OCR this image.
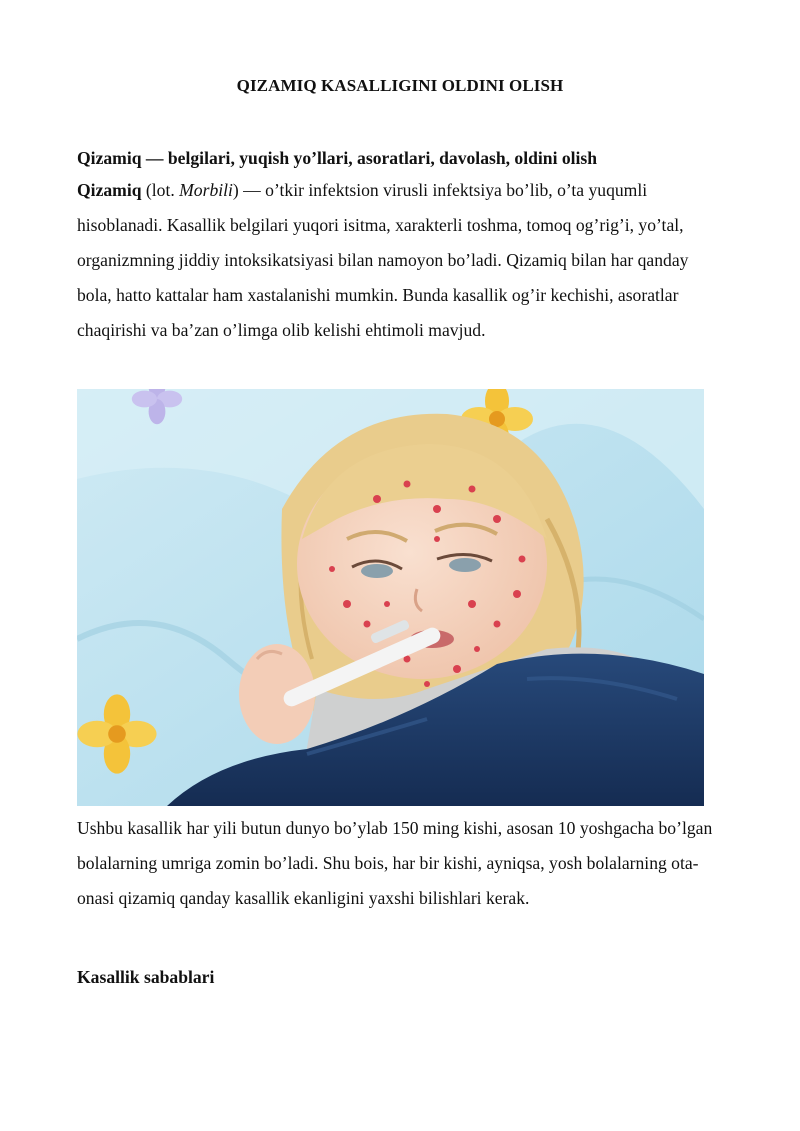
QIZAMIQ KASALLIGINI OLDINI OLISH

Qizamiq — belgilari, yuqish yo’llari, asoratlari, davolash, oldini olish

Qizamiq (lot. Morbili) — o’tkir infektsion virusli infektsiya bo’lib, o’ta yuqumli hisoblanadi. Kasallik belgilari yuqori isitma, xarakterli toshma, tomoq og’rig’i, yo’tal, organizmning jiddiy intoksikatsiyasi bilan namoyon bo’ladi. Qizamiq bilan har qanday bola, hatto kattalar ham xastalanishi mumkin. Bunda kasallik og’ir kechishi, asoratlar chaqirishi va ba’zan o’limga olib kelishi ehtimoli mavjud.

Ushbu kasallik har yili butun dunyo bo’ylab 150 ming kishi, asosan 10 yoshgacha bo’lgan bolalarning umriga zomin bo’ladi. Shu bois, har bir kishi, ayniqsa, yosh bolalarning ota-onasi qizamiq qanday kasallik ekanligini yaxshi bilishlari kerak.

Kasallik sabablari
